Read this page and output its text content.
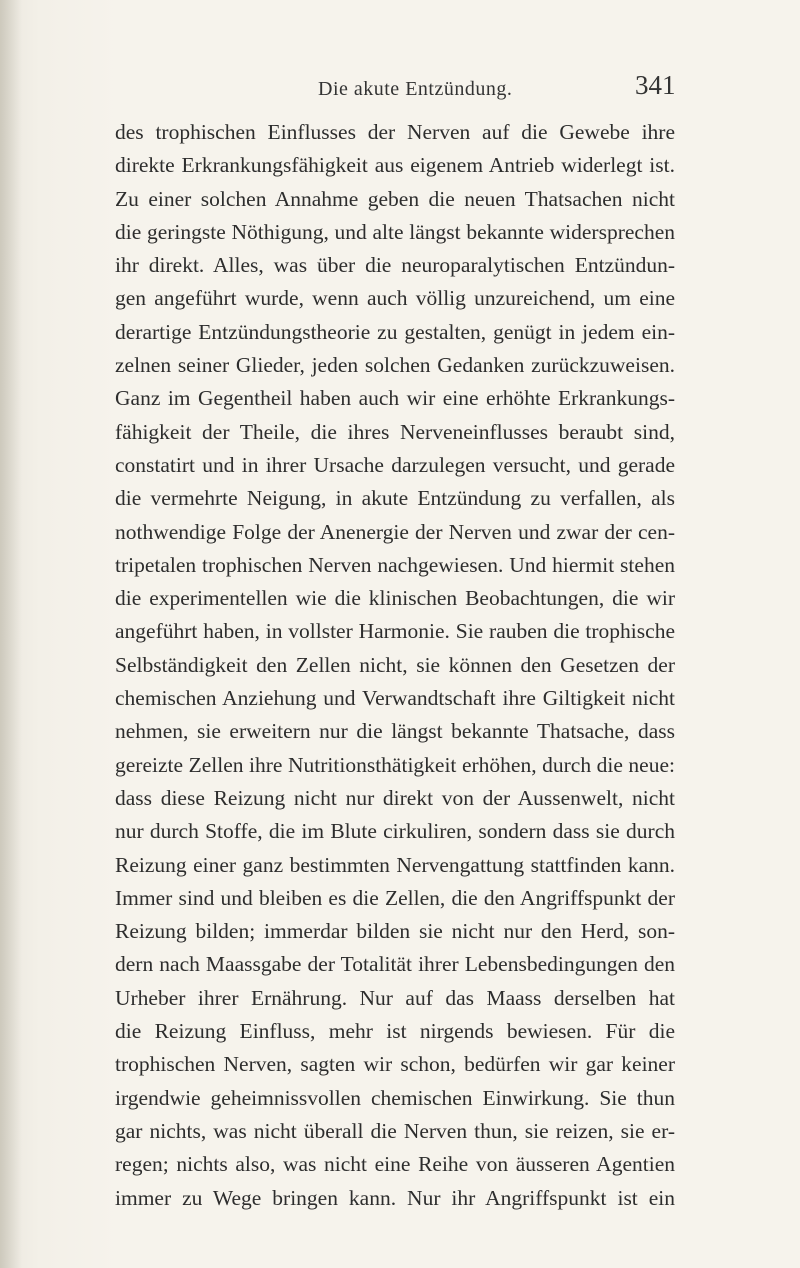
Die akute Entzündung.	341
des trophischen Einflusses der Nerven auf die Gewebe ihre
direkte Erkrankungsfähigkeit aus eigenem Antrieb widerlegt ist.
Zu einer solchen Annahme geben die neuen Thatsachen nicht
die geringste Nöthigung, und alte längst bekannte widersprechen
ihr direkt. Alles, was über die neuroparalytischen Entzündun-
gen angeführt wurde, wenn auch völlig unzureichend, um eine
derartige Entzündungstheorie zu gestalten, genügt in jedem ein-
zelnen seiner Glieder, jeden solchen Gedanken zurückzuweisen.
Ganz im Gegentheil haben auch wir eine erhöhte Erkrankungs-
fähigkeit der Theile, die ihres Nerveneinflusses beraubt sind,
constatirt und in ihrer Ursache darzulegen versucht, und gerade
die vermehrte Neigung, in akute Entzündung zu verfallen, als
nothwendige Folge der Anenergie der Nerven und zwar der cen-
tripetalen trophischen Nerven nachgewiesen. Und hiermit stehen
die experimentellen wie die klinischen Beobachtungen, die wir
angeführt haben, in vollster Harmonie. Sie rauben die trophische
Selbständigkeit den Zellen nicht, sie können den Gesetzen der
chemischen Anziehung und Verwandtschaft ihre Giltigkeit nicht
nehmen, sie erweitern nur die längst bekannte Thatsache, dass
gereizte Zellen ihre Nutritionsthätigkeit erhöhen, durch die neue:
dass diese Reizung nicht nur direkt von der Aussenwelt, nicht
nur durch Stoffe, die im Blute cirkuliren, sondern dass sie durch
Reizung einer ganz bestimmten Nervengattung stattfinden kann.
Immer sind und bleiben es die Zellen, die den Angriffspunkt der
Reizung bilden; immerdar bilden sie nicht nur den Herd, son-
dern nach Maassgabe der Totalität ihrer Lebensbedingungen den
Urheber ihrer Ernährung. Nur auf das Maass derselben hat
die Reizung Einfluss, mehr ist nirgends bewiesen. Für die
trophischen Nerven, sagten wir schon, bedürfen wir gar keiner
irgendwie geheimnissvollen chemischen Einwirkung. Sie thun
gar nichts, was nicht überall die Nerven thun, sie reizen, sie er-
regen; nichts also, was nicht eine Reihe von äusseren Agentien
immer zu Wege bringen kann. Nur ihr Angriffspunkt ist ein
